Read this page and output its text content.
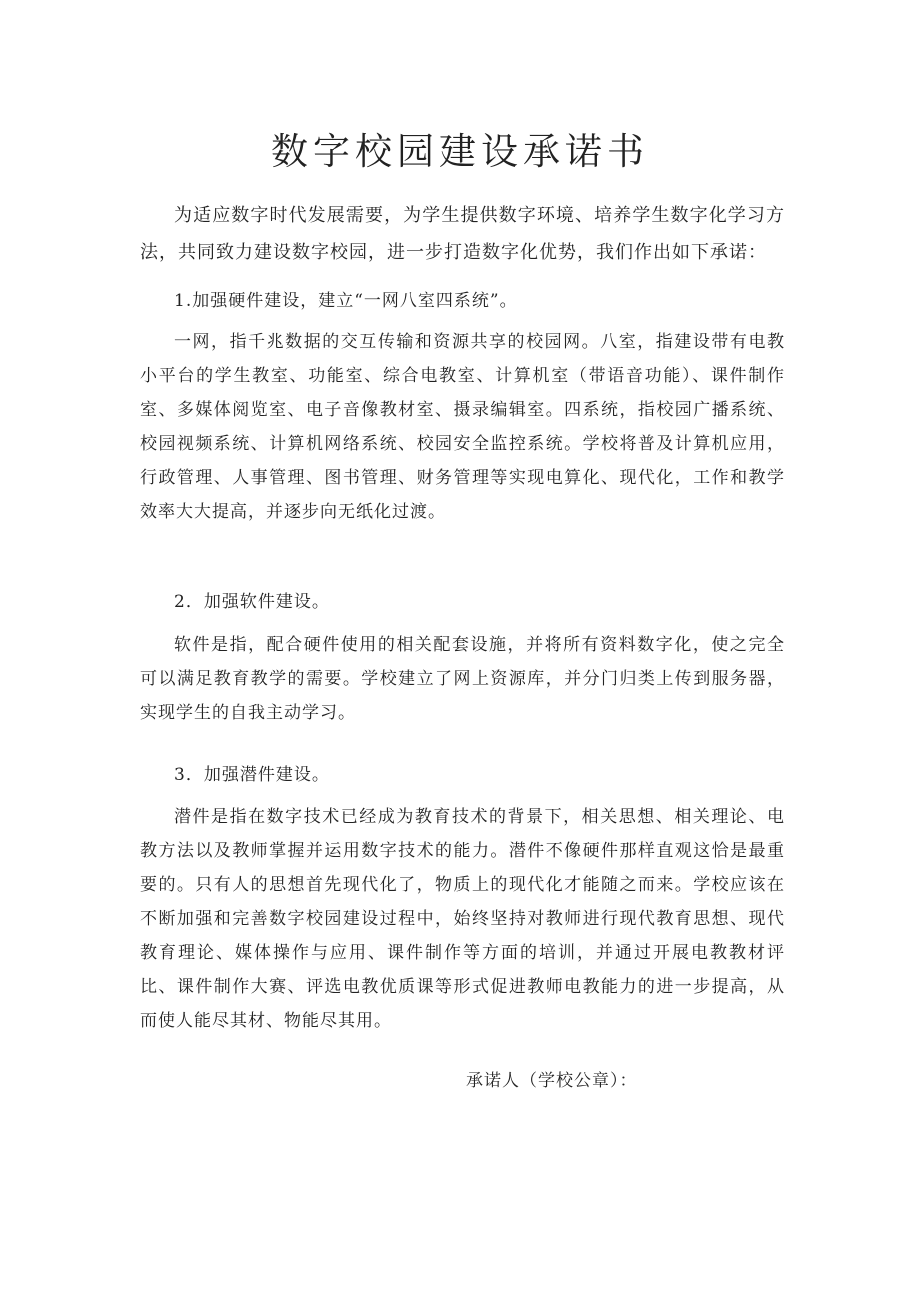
数字校园建设承诺书

为适应数字时代发展需要，为学生提供数字环境、培养学生数字化学习方法，共同致力建设数字校园，进一步打造数字化优势，我们作出如下承诺：

1.加强硬件建设，建立“一网八室四系统”。

一网，指千兆数据的交互传输和资源共享的校园网。八室，指建设带有电教小平台的学生教室、功能室、综合电教室、计算机室（带语音功能）、课件制作室、多媒体阅览室、电子音像教材室、摄录编辑室。四系统，指校园广播系统、校园视频系统、计算机网络系统、校园安全监控系统。学校将普及计算机应用，行政管理、人事管理、图书管理、财务管理等实现电算化、现代化，工作和教学效率大大提高，并逐步向无纸化过渡。

2．加强软件建设。

软件是指，配合硬件使用的相关配套设施，并将所有资料数字化，使之完全可以满足教育教学的需要。学校建立了网上资源库，并分门归类上传到服务器，实现学生的自我主动学习。

3．加强潜件建设。

潜件是指在数字技术已经成为教育技术的背景下，相关思想、相关理论、电教方法以及教师掌握并运用数字技术的能力。潜件不像硬件那样直观这恰是最重要的。只有人的思想首先现代化了，物质上的现代化才能随之而来。学校应该在不断加强和完善数字校园建设过程中，始终坚持对教师进行现代教育思想、现代教育理论、媒体操作与应用、课件制作等方面的培训，并通过开展电教教材评比、课件制作大赛、评选电教优质课等形式促进教师电教能力的进一步提高，从而使人能尽其材、物能尽其用。

承诺人（学校公章）：
